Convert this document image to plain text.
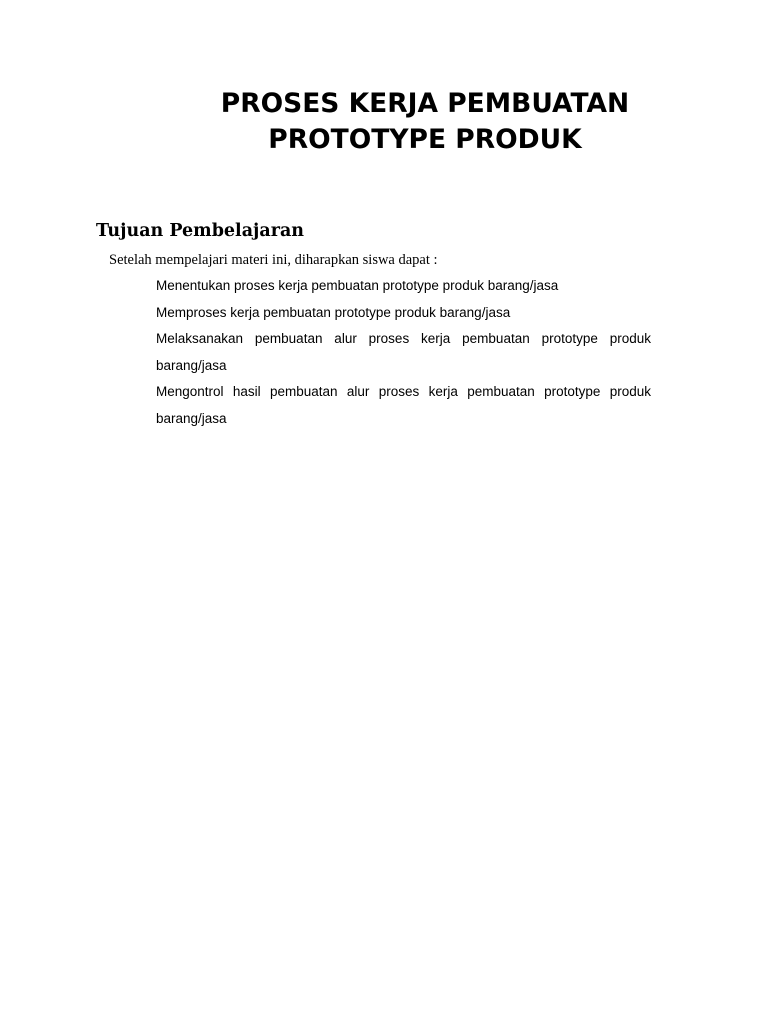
PROSES KERJA PEMBUATAN
PROTOTYPE PRODUK
Tujuan Pembelajaran

Setelah mempelajari materi ini, diharapkan siswa dapat :

Menentukan proses kerja pembuatan prototype produk barang/jasa
Memproses kerja pembuatan prototype produk barang/jasa
Melaksanakan pembuatan alur proses kerja pembuatan prototype produk barang/jasa
Mengontrol hasil pembuatan alur proses kerja pembuatan prototype produk barang/jasa
